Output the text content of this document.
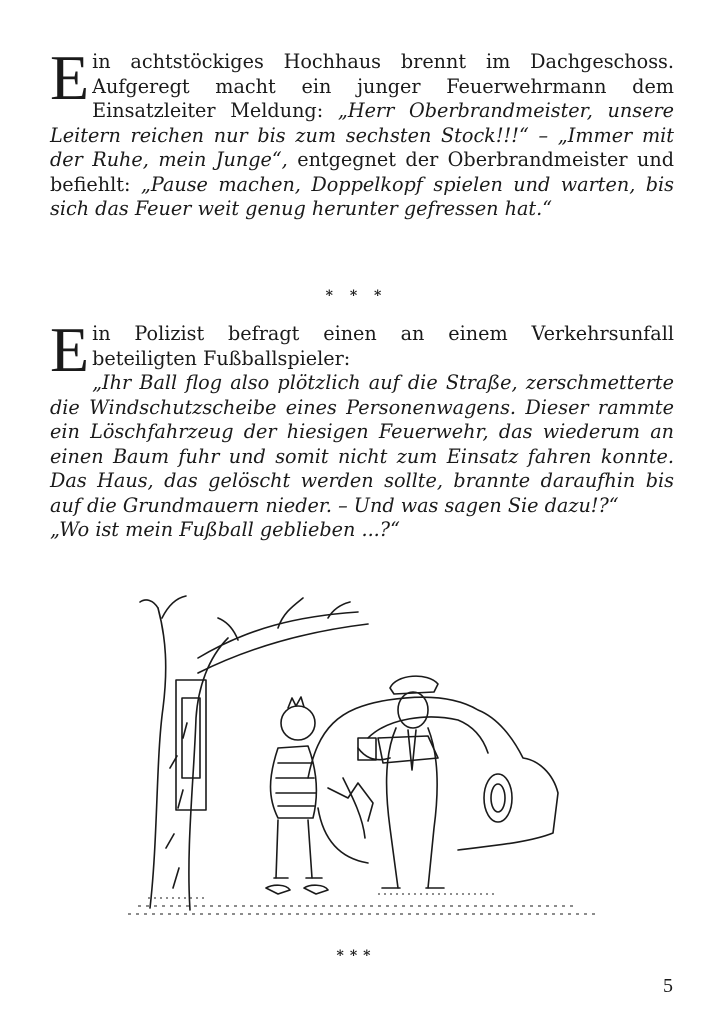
Ein achtstöckiges Hochhaus brennt im Dachgeschoss. Aufgeregt macht ein junger Feuerwehrmann dem Einsatzleiter Meldung: „Herr Oberbrandmeister, unsere Leitern reichen nur bis zum sechsten Stock!!!“ – „Immer mit der Ruhe, mein Junge“, entgegnet der Oberbrandmeister und befiehlt: „Pause machen, Doppelkopf spielen und warten, bis sich das Feuer weit genug herunter gefressen hat.“

* * *

Ein Polizist befragt einen an einem Verkehrsunfall beteiligten Fußballspieler:

„Ihr Ball flog also plötzlich auf die Straße, zerschmetterte die Windschutzscheibe eines Personenwagens. Dieser rammte ein Löschfahrzeug der hiesigen Feuerwehr, das wiederum an einen Baum fuhr und somit nicht zum Einsatz fahren konnte. Das Haus, das gelöscht werden sollte, brannte daraufhin bis auf die Grundmauern nieder. – Und was sagen Sie dazu!?“

„Wo ist mein Fußball geblieben ...?“

***
5
